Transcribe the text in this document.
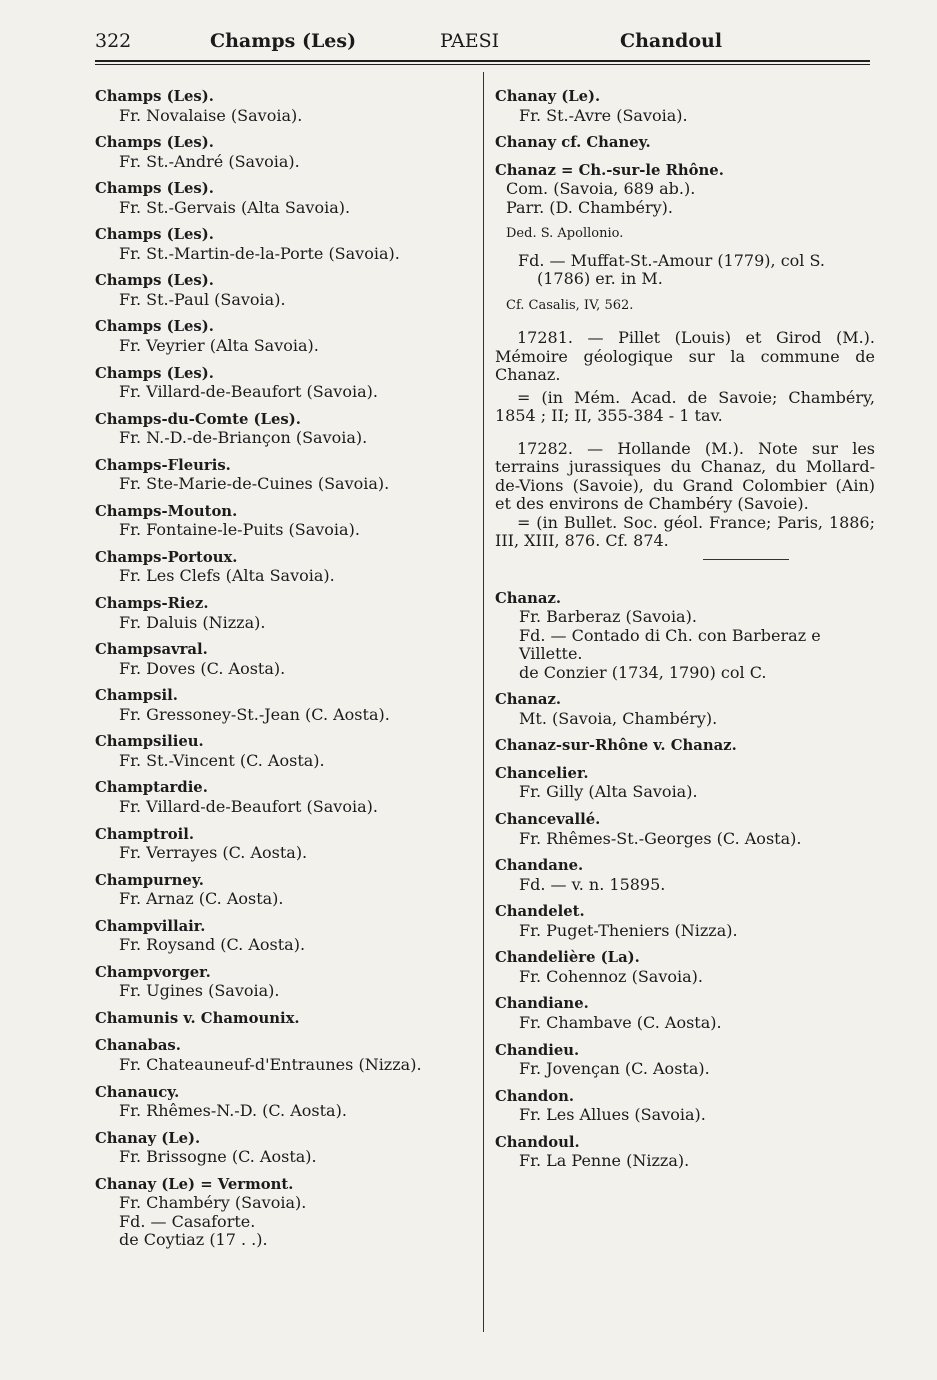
322	Champs (Les)	PAESI	Chandoul
Champs (Les).
Fr. Novalaise (Savoia).
Champs (Les).
Fr. St.-André (Savoia).
Champs (Les).
Fr. St.-Gervais (Alta Savoia).
Champs (Les).
Fr. St.-Martin-de-la-Porte (Savoia).
Champs (Les).
Fr. St.-Paul (Savoia).
Champs (Les).
Fr. Veyrier (Alta Savoia).
Champs (Les).
Fr. Villard-de-Beaufort (Savoia).
Champs-du-Comte (Les).
Fr. N.-D.-de-Briançon (Savoia).
Champs-Fleuris.
Fr. Ste-Marie-de-Cuines (Savoia).
Champs-Mouton.
Fr. Fontaine-le-Puits (Savoia).
Champs-Portoux.
Fr. Les Clefs (Alta Savoia).
Champs-Riez.
Fr. Daluis (Nizza).
Champsavral.
Fr. Doves (C. Aosta).
Champsil.
Fr. Gressoney-St.-Jean (C. Aosta).
Champsilieu.
Fr. St.-Vincent (C. Aosta).
Champtardie.
Fr. Villard-de-Beaufort (Savoia).
Champtroil.
Fr. Verrayes (C. Aosta).
Champurney.
Fr. Arnaz (C. Aosta).
Champvillair.
Fr. Roysand (C. Aosta).
Champvorger.
Fr. Ugines (Savoia).
Chamunis v. Chamounix.
Chanabas.
Fr. Chateauneuf-d'Entraunes (Nizza).
Chanaucy.
Fr. Rhêmes-N.-D. (C. Aosta).
Chanay (Le).
Fr. Brissogne (C. Aosta).
Chanay (Le) = Vermont.
Fr. Chambéry (Savoia).
Fd. — Casaforte.
de Coytiaz (17 . .).
Chanay (Le).
Fr. St.-Avre (Savoia).
Chanay cf. Chaney.
Chanaz = Ch.-sur-le Rhône.
Com. (Savoia, 689 ab.).
Parr. (D. Chambéry).
Ded. S. Apollonio.
Fd. — Muffat-St.-Amour (1779), col S. (1786) er. in M.
Cf. Casalis, IV, 562.
17281. — Pillet (Louis) et Girod (M.). Mémoire géologique sur la commune de Chanaz.
= (in Mém. Acad. de Savoie; Chambéry, 1854 ; II; II, 355-384 - 1 tav.
17282. — Hollande (M.). Note sur les terrains jurassiques du Chanaz, du Mollard-de-Vions (Savoie), du Grand Colombier (Ain) et des environs de Chambéry (Savoie).
= (in Bullet. Soc. géol. France; Paris, 1886; III, XIII, 876. Cf. 874.
Chanaz.
Fr. Barberaz (Savoia).
Fd. — Contado di Ch. con Barberaz e Villette.
de Conzier (1734, 1790) col C.
Chanaz.
Mt. (Savoia, Chambéry).
Chanaz-sur-Rhône v. Chanaz.
Chancelier.
Fr. Gilly (Alta Savoia).
Chancevallé.
Fr. Rhêmes-St.-Georges (C. Aosta).
Chandane.
Fd. — v. n. 15895.
Chandelet.
Fr. Puget-Theniers (Nizza).
Chandelière (La).
Fr. Cohennoz (Savoia).
Chandiane.
Fr. Chambave (C. Aosta).
Chandieu.
Fr. Jovençan (C. Aosta).
Chandon.
Fr. Les Allues (Savoia).
Chandoul.
Fr. La Penne (Nizza).
